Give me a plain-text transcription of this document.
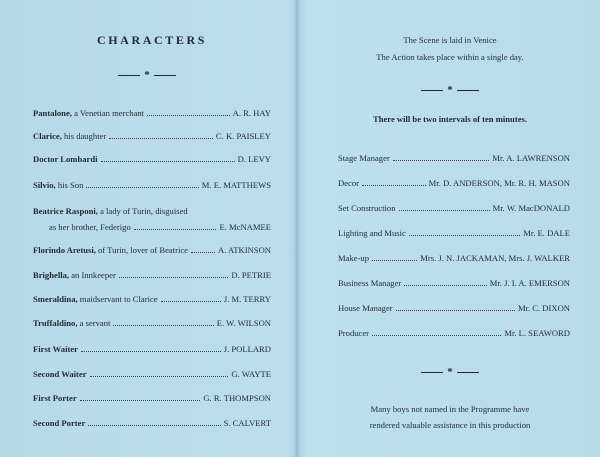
CHARACTERS
*
Pantalone, a Venetian merchant	A. R. HAY
Clarice, his daughter	C. K. PAISLEY
Doctor Lombardi	D. LEVY
Silvio, his Son	M. E. MATTHEWS
Beatrice Rasponi, a lady of Turin, disguised
as her brother, Federigo	E. McNAMEE
Florindo Aretusi, of Turin, lover of Beatrice	A. ATKINSON
Brighella, an Innkeeper	D. PETRIE
Smeraldina, maidservant to Clarice	J. M. TERRY
Truffaldino, a servant	E. W. WILSON
First Waiter	J. POLLARD
Second Waiter	G. WAYTE
First Porter	G. R. THOMPSON
Second Porter	S. CALVERT
The Scene is laid in Venice
The Action takes place within a single day.
*
There will be two intervals of ten minutes.
Stage Manager	Mr. A. LAWRENSON
Decor	Mr. D. ANDERSON, Mr. R. H. MASON
Set Construction	Mr. W. MacDONALD
Lighting and Music	Mr. E. DALE
Make-up	Mrs. J. N. JACKAMAN, Mrs. J. WALKER
Business Manager	Mr. J. I. A. EMERSON
House Manager	Mr. C. DIXON
Producer	Mr. L. SEAWORD
*
Many boys not named in the Programme have
rendered valuable assistance in this production
